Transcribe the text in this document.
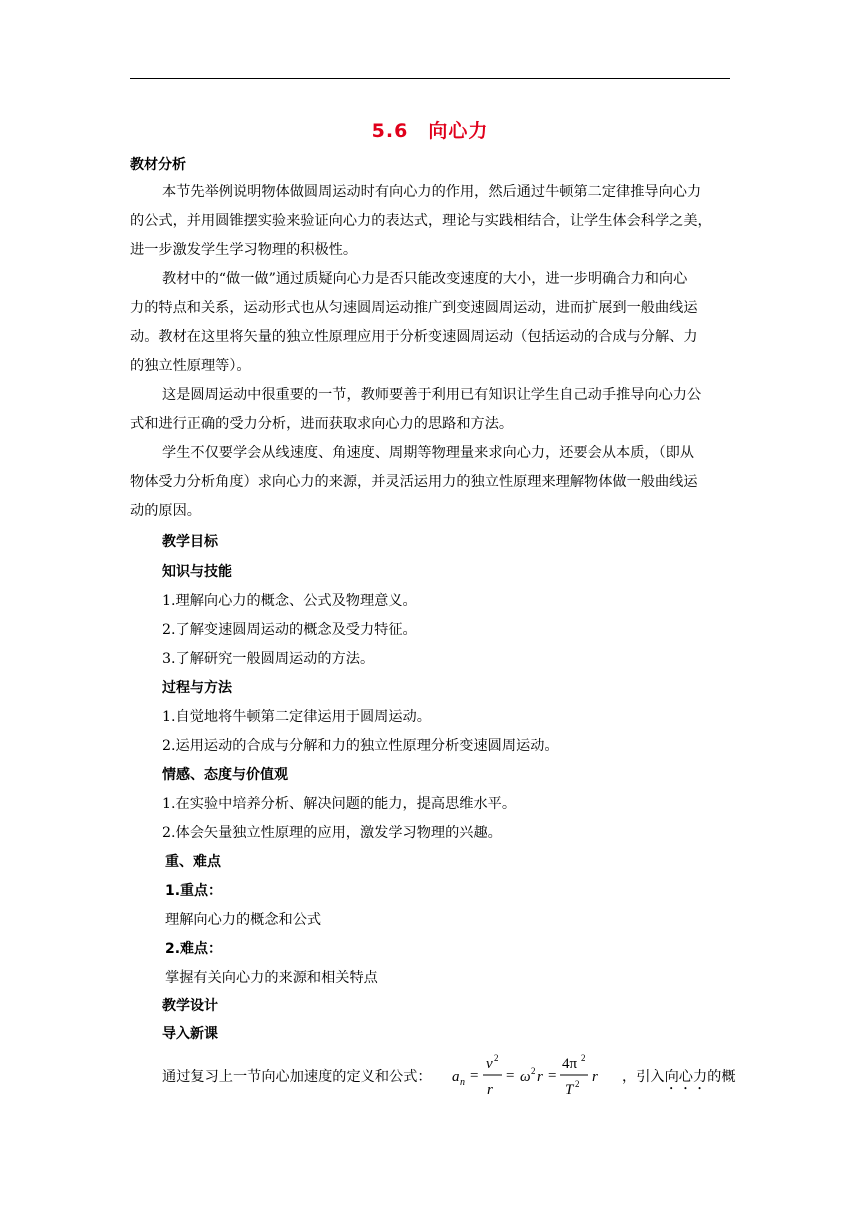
5.6　向心力
教材分析
本节先举例说明物体做圆周运动时有向心力的作用，然后通过牛顿第二定律推导向心力
的公式，并用圆锥摆实验来验证向心力的表达式，理论与实践相结合，让学生体会科学之美，
进一步激发学生学习物理的积极性。
教材中的“做一做”通过质疑向心力是否只能改变速度的大小，进一步明确合力和向心
力的特点和关系，运动形式也从匀速圆周运动推广到变速圆周运动，进而扩展到一般曲线运
动。教材在这里将矢量的独立性原理应用于分析变速圆周运动（包括运动的合成与分解、力
的独立性原理等）。
这是圆周运动中很重要的一节，教师要善于利用已有知识让学生自己动手推导向心力公
式和进行正确的受力分析，进而获取求向心力的思路和方法。
学生不仅要学会从线速度、角速度、周期等物理量来求向心力，还要会从本质，（即从
物体受力分析角度）求向心力的来源，并灵活运用力的独立性原理来理解物体做一般曲线运
动的原因。
教学目标
知识与技能
1.理解向心力的概念、公式及物理意义。
2.了解变速圆周运动的概念及受力特征。
3.了解研究一般圆周运动的方法。
过程与方法
1.自觉地将牛顿第二定律运用于圆周运动。
2.运用运动的合成与分解和力的独立性原理分析变速圆周运动。
情感、态度与价值观
1.在实验中培养分析、解决问题的能力，提高思维水平。
2.体会矢量独立性原理的应用，激发学习物理的兴趣。
重、难点
1.重点：
理解向心力的概念和公式
2.难点：
掌握有关向心力的来源和相关特点
教学设计
导入新课
通过复习上一节向心加速度的定义和公式： a n =
v 2
r
= ω 2 r =
4π 2
T 2 r ，引入向心力的概
